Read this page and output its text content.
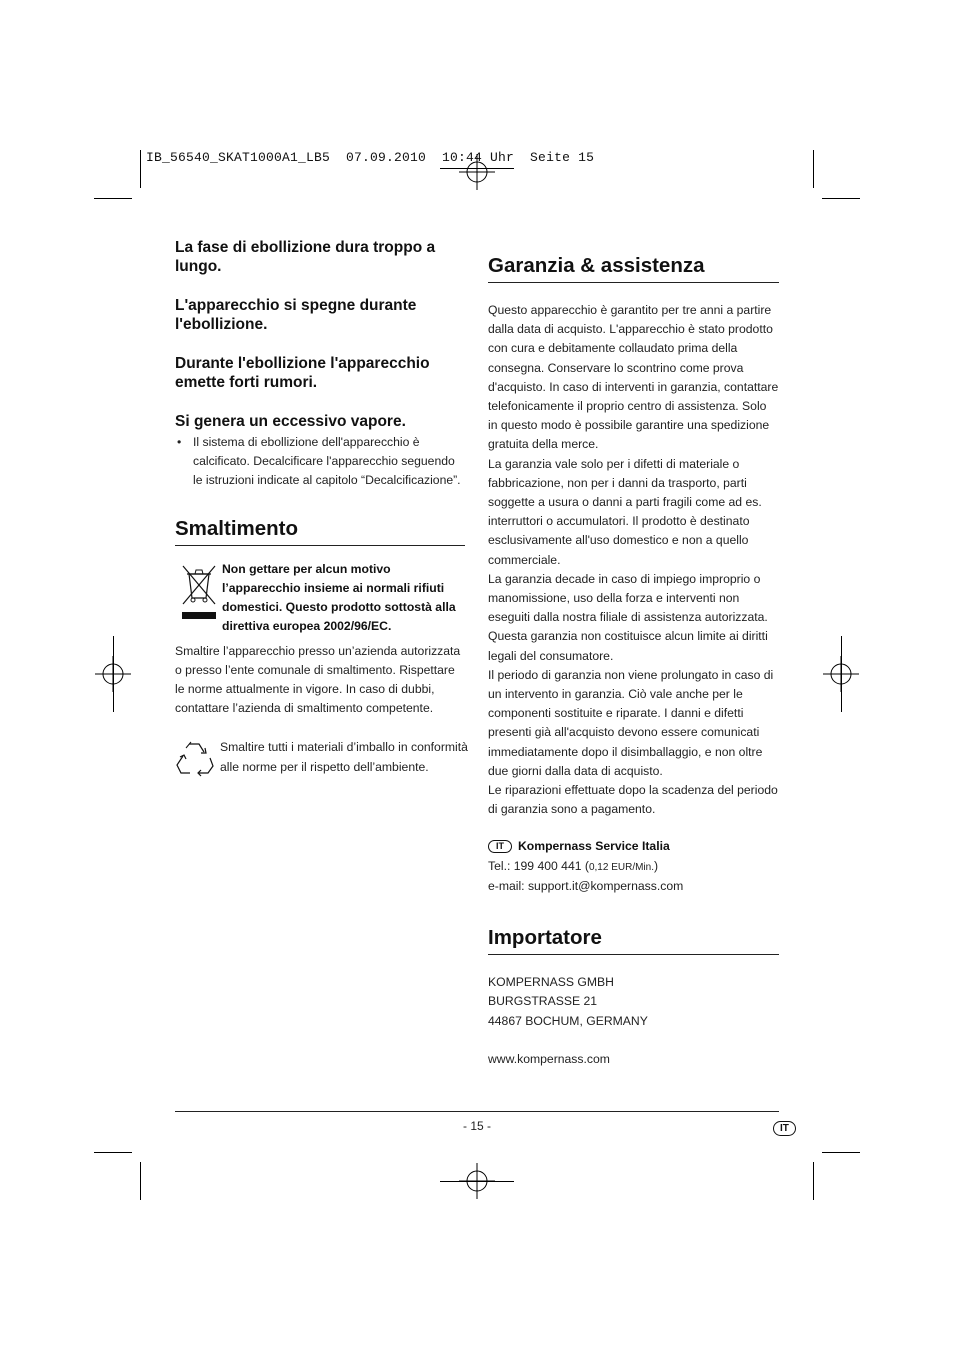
IB_56540_SKAT1000A1_LB5  07.09.2010  10:44 Uhr  Seite 15
La fase di ebollizione dura troppo a lungo.
L'apparecchio si spegne durante l'ebollizione.
Durante l'ebollizione l'apparecchio emette forti rumori.
Si genera un eccessivo vapore.
• Il sistema di ebollizione dell'apparecchio è calcificato. Decalcificare l'apparecchio seguendo le istruzioni indicate al capitolo “Decalcificazione”.
Smaltimento
Non gettare per alcun motivo l’apparecchio insieme ai normali rifiuti domestici. Questo prodotto sottostà alla direttiva europea 2002/96/EC.

Smaltire l’apparecchio presso un’azienda autorizzata o presso l’ente comunale di smaltimento. Rispettare le norme attualmente in vigore. In caso di dubbi, contattare l’azienda di smaltimento competente.

Smaltire tutti i materiali d’imballo in conformità alle norme per il rispetto dell’ambiente.
Garanzia & assistenza

Questo apparecchio è garantito per tre anni a partire dalla data di acquisto. L'apparecchio è stato prodotto con cura e debitamente collaudato prima della consegna. Conservare lo scontrino come prova d'acquisto. In caso di interventi in garanzia, contattare telefonicamente il proprio centro di assistenza. Solo in questo modo è possibile garantire una spedizione gratuita della merce.

La garanzia vale solo per i difetti di materiale o fabbricazione, non per i danni da trasporto, parti soggette a usura o danni a parti fragili come ad es. interruttori o accumulatori. Il prodotto è destinato esclusivamente all'uso domestico e non a quello commerciale.

La garanzia decade in caso di impiego improprio o manomissione, uso della forza e interventi non eseguiti dalla nostra filiale di assistenza autorizzata. Questa garanzia non costituisce alcun limite ai diritti legali del consumatore.

Il periodo di garanzia non viene prolungato in caso di un intervento in garanzia. Ciò vale anche per le componenti sostituite e riparate. I danni e difetti presenti già all'acquisto devono essere comunicati immediatamente dopo il disimballaggio, e non oltre due giorni dalla data di acquisto.

Le riparazioni effettuate dopo la scadenza del periodo di garanzia sono a pagamento.

IT Kompernass Service Italia
Tel.: 199 400 441 (0,12 EUR/Min.)
e-mail: support.it@kompernass.com
Importatore
KOMPERNASS GMBH
BURGSTRASSE 21
44867 BOCHUM, GERMANY
www.kompernass.com
- 15 -	IT
